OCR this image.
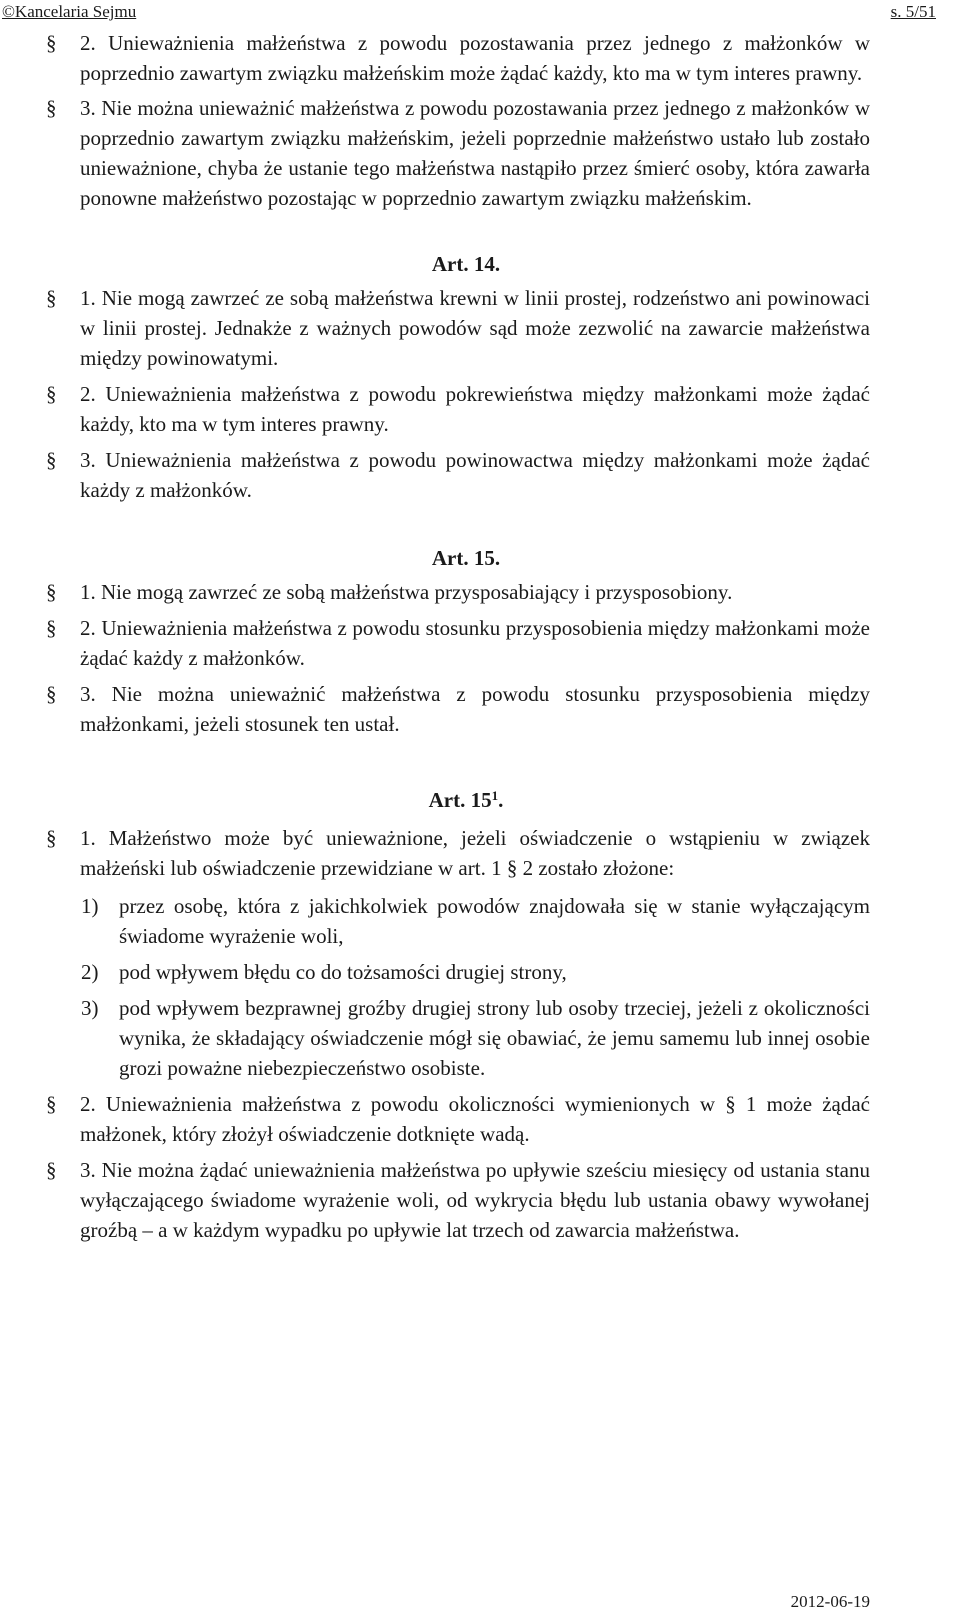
©Kancelaria Sejmu	s. 5/51
§ 2. Unieważnienia małżeństwa z powodu pozostawania przez jednego z małżonków w poprzednio zawartym związku małżeńskim może żądać każdy, kto ma w tym interes prawny.
§ 3. Nie można unieważnić małżeństwa z powodu pozostawania przez jednego z małżonków w poprzednio zawartym związku małżeńskim, jeżeli poprzednie małżeństwo ustało lub zostało unieważnione, chyba że ustanie tego małżeństwa nastąpiło przez śmierć osoby, która zawarła ponowne małżeństwo pozostając w poprzednio zawartym związku małżeńskim.
Art. 14.
§ 1. Nie mogą zawrzeć ze sobą małżeństwa krewni w linii prostej, rodzeństwo ani powinowaci w linii prostej. Jednakże z ważnych powodów sąd może zezwolić na zawarcie małżeństwa między powinowatymi.
§ 2. Unieważnienia małżeństwa z powodu pokrewieństwa między małżonkami może żądać każdy, kto ma w tym interes prawny.
§ 3. Unieważnienia małżeństwa z powodu powinowactwa między małżonkami może żądać każdy z małżonków.
Art. 15.
§ 1. Nie mogą zawrzeć ze sobą małżeństwa przysposabiający i przysposobiony.
§ 2. Unieważnienia małżeństwa z powodu stosunku przysposobienia między małżonkami może żądać każdy z małżonków.
§ 3. Nie można unieważnić małżeństwa z powodu stosunku przysposobienia między małżonkami, jeżeli stosunek ten ustał.
Art. $15^1$.
§ 1. Małżeństwo może być unieważnione, jeżeli oświadczenie o wstąpieniu w związek małżeński lub oświadczenie przewidziane w art. 1 § 2 zostało złożone:
1) przez osobę, która z jakichkolwiek powodów znajdowała się w stanie wyłączającym świadome wyrażenie woli,
2) pod wpływem błędu co do tożsamości drugiej strony,
3) pod wpływem bezprawnej groźby drugiej strony lub osoby trzeciej, jeżeli z okoliczności wynika, że składający oświadczenie mógł się obawiać, że jemu samemu lub innej osobie grozi poważne niebezpieczeństwo osobiste.
§ 2. Unieważnienia małżeństwa z powodu okoliczności wymienionych w § 1 może żądać małżonek, który złożył oświadczenie dotknięte wadą.
§ 3. Nie można żądać unieważnienia małżeństwa po upływie sześciu miesięcy od ustania stanu wyłączającego świadome wyrażenie woli, od wykrycia błędu lub ustania obawy wywołanej groźbą – a w każdym wypadku po upływie lat trzech od zawarcia małżeństwa.
2012-06-19
